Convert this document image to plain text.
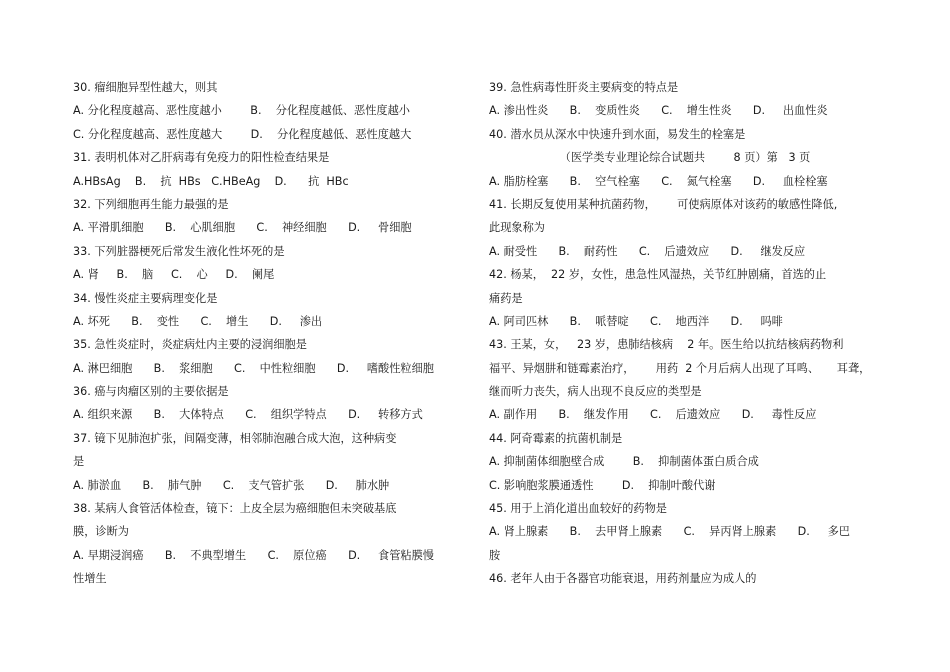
30. 瘤细胞异型性越大，则其
A. 分化程度越高、恶性度越小        B.    分化程度越低、恶性度越小
C. 分化程度越高、恶性度越大        D.    分化程度越低、恶性度越大
31. 表明机体对乙肝病毒有免疫力的阳性检查结果是
A.HBsAg    B.    抗  HBs   C.HBeAg    D.      抗  HBc
32. 下列细胞再生能力最强的是
A. 平滑肌细胞      B.    心肌细胞      C.    神经细胞      D.     骨细胞
33. 下列脏器梗死后常发生液化性坏死的是
A. 肾     B.    脑     C.    心     D.    阑尾
34. 慢性炎症主要病理变化是
A. 坏死      B.    变性      C.    增生      D.     渗出
35. 急性炎症时，炎症病灶内主要的浸润细胞是
A. 淋巴细胞      B.    浆细胞      C.    中性粒细胞      D.     嗜酸性粒细胞
36. 癌与肉瘤区别的主要依据是
A. 组织来源      B.    大体特点      C.    组织学特点      D.     转移方式
37. 镜下见肺泡扩张，间隔变薄，相邻肺泡融合成大泡，这种病变
是
A. 肺淤血      B.    肺气肿      C.    支气管扩张      D.     肺水肿
38. 某病人食管活体检查，镜下：上皮全层为癌细胞但未突破基底
膜，诊断为
A. 早期浸润癌      B.    不典型增生      C.    原位癌      D.     食管粘膜慢
性增生
39. 急性病毒性肝炎主要病变的特点是
A. 渗出性炎      B.    变质性炎      C.    增生性炎      D.     出血性炎
40. 潜水员从深水中快速升到水面，易发生的栓塞是
（医学类专业理论综合试题共        8 页）第   3 页
A. 脂肪栓塞      B.    空气栓塞      C.    氮气栓塞      D.     血栓栓塞
41. 长期反复使用某种抗菌药物，      可使病原体对该药的敏感性降低,
此现象称为
A. 耐受性      B.    耐药性      C.    后遗效应      D.     继发反应
42. 杨某，  22 岁，女性，患急性风湿热，关节红肿剧痛，首选的止
痛药是
A. 阿司匹林      B.    哌替啶      C.    地西泮      D.     吗啡
43. 王某，女，   23 岁，患肺结核病    2 年。医生给以抗结核病药物利
福平、异烟肼和链霉素治疗，      用药  2 个月后病人出现了耳鸣、     耳聋，
继而听力丧失，病人出现不良反应的类型是
A. 副作用      B.    继发作用      C.    后遗效应      D.     毒性反应
44. 阿奇霉素的抗菌机制是
A. 抑制菌体细胞壁合成        B.    抑制菌体蛋白质合成
C. 影响胞浆膜通透性        D.    抑制叶酸代谢
45. 用于上消化道出血较好的药物是
A. 肾上腺素      B.    去甲肾上腺素      C.    异丙肾上腺素      D.     多巴
胺
46. 老年人由于各器官功能衰退，用药剂量应为成人的
